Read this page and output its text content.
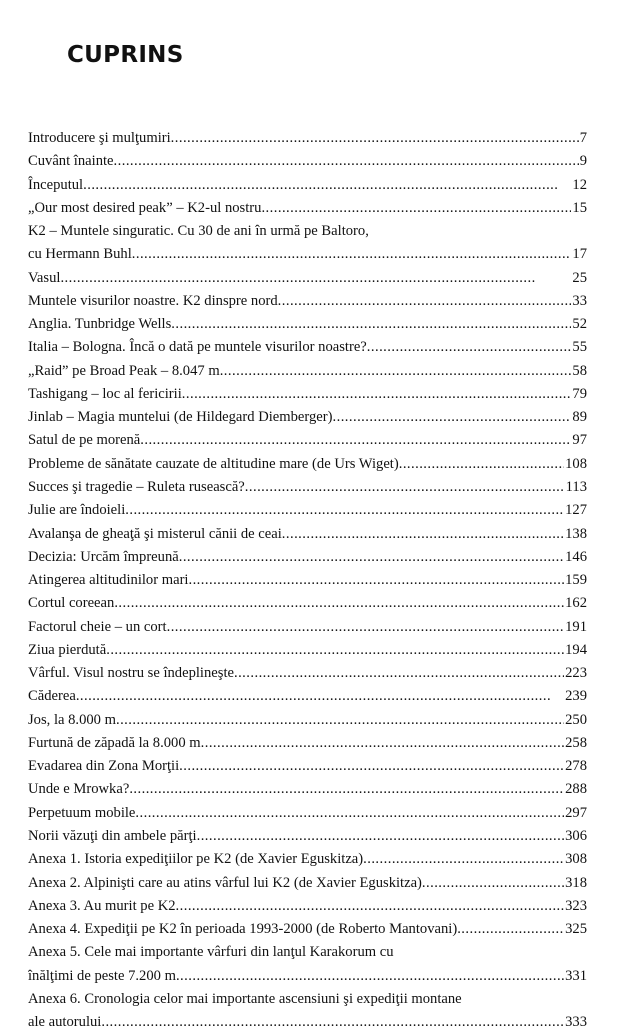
CUPRINS
Introducere şi mulţumiri . . .	7
Cuvânt înainte . . .	9
Începutul . . .	12
„Our most desired peak” – K2-ul nostru . . .	15
K2 – Muntele singuratic. Cu 30 de ani în urmă pe Baltoro,
cu Hermann Buhl . . .	17
Vasul . . .	25
Muntele visurilor noastre. K2 dinspre nord . . .	33
Anglia. Tunbridge Wells . . .	52
Italia – Bologna. Încă o dată pe muntele visurilor noastre? . . .	55
„Raid” pe Broad Peak – 8.047 m . . .	58
Tashigang – loc al fericirii . . .	79
Jinlab – Magia muntelui (de Hildegard Diemberger) . . .	89
Satul de pe morenă . . .	97
Probleme de sănătate cauzate de altitudine mare (de Urs Wiget) . . .	108
Succes şi tragedie – Ruleta rusească? . . .	113
Julie are îndoieli . . .	127
Avalanşa de gheaţă şi misterul cănii de ceai . . .	138
Decizia: Urcăm împreună . . .	146
Atingerea altitudinilor mari . . .	159
Cortul coreean . . .	162
Factorul cheie – un cort . . .	191
Ziua pierdută . . .	194
Vârful. Visul nostru se îndeplineşte . . .	223
Căderea . . .	239
Jos, la 8.000 m . . .	250
Furtună de zăpadă la 8.000 m . . .	258
Evadarea din Zona Morţii . . .	278
Unde e Mrowka? . . .	288
Perpetuum mobile . . .	297
Norii văzuţi din ambele părţi . . .	306
Anexa 1. Istoria expediţiilor pe K2 (de Xavier Eguskitza) . . .	308
Anexa 2. Alpinişti care au atins vârful lui K2 (de Xavier Eguskitza) . . .	318
Anexa 3. Au murit pe K2 . . .	323
Anexa 4. Expediţii pe K2 în perioada 1993-2000 (de Roberto Mantovani) . . .	325
Anexa 5. Cele mai importante vârfuri din lanţul Karakorum cu
înălţimi de peste 7.200 m . . .	331
Anexa 6. Cronologia celor mai importante ascensiuni şi expediţii montane
ale autorului . . .	333
